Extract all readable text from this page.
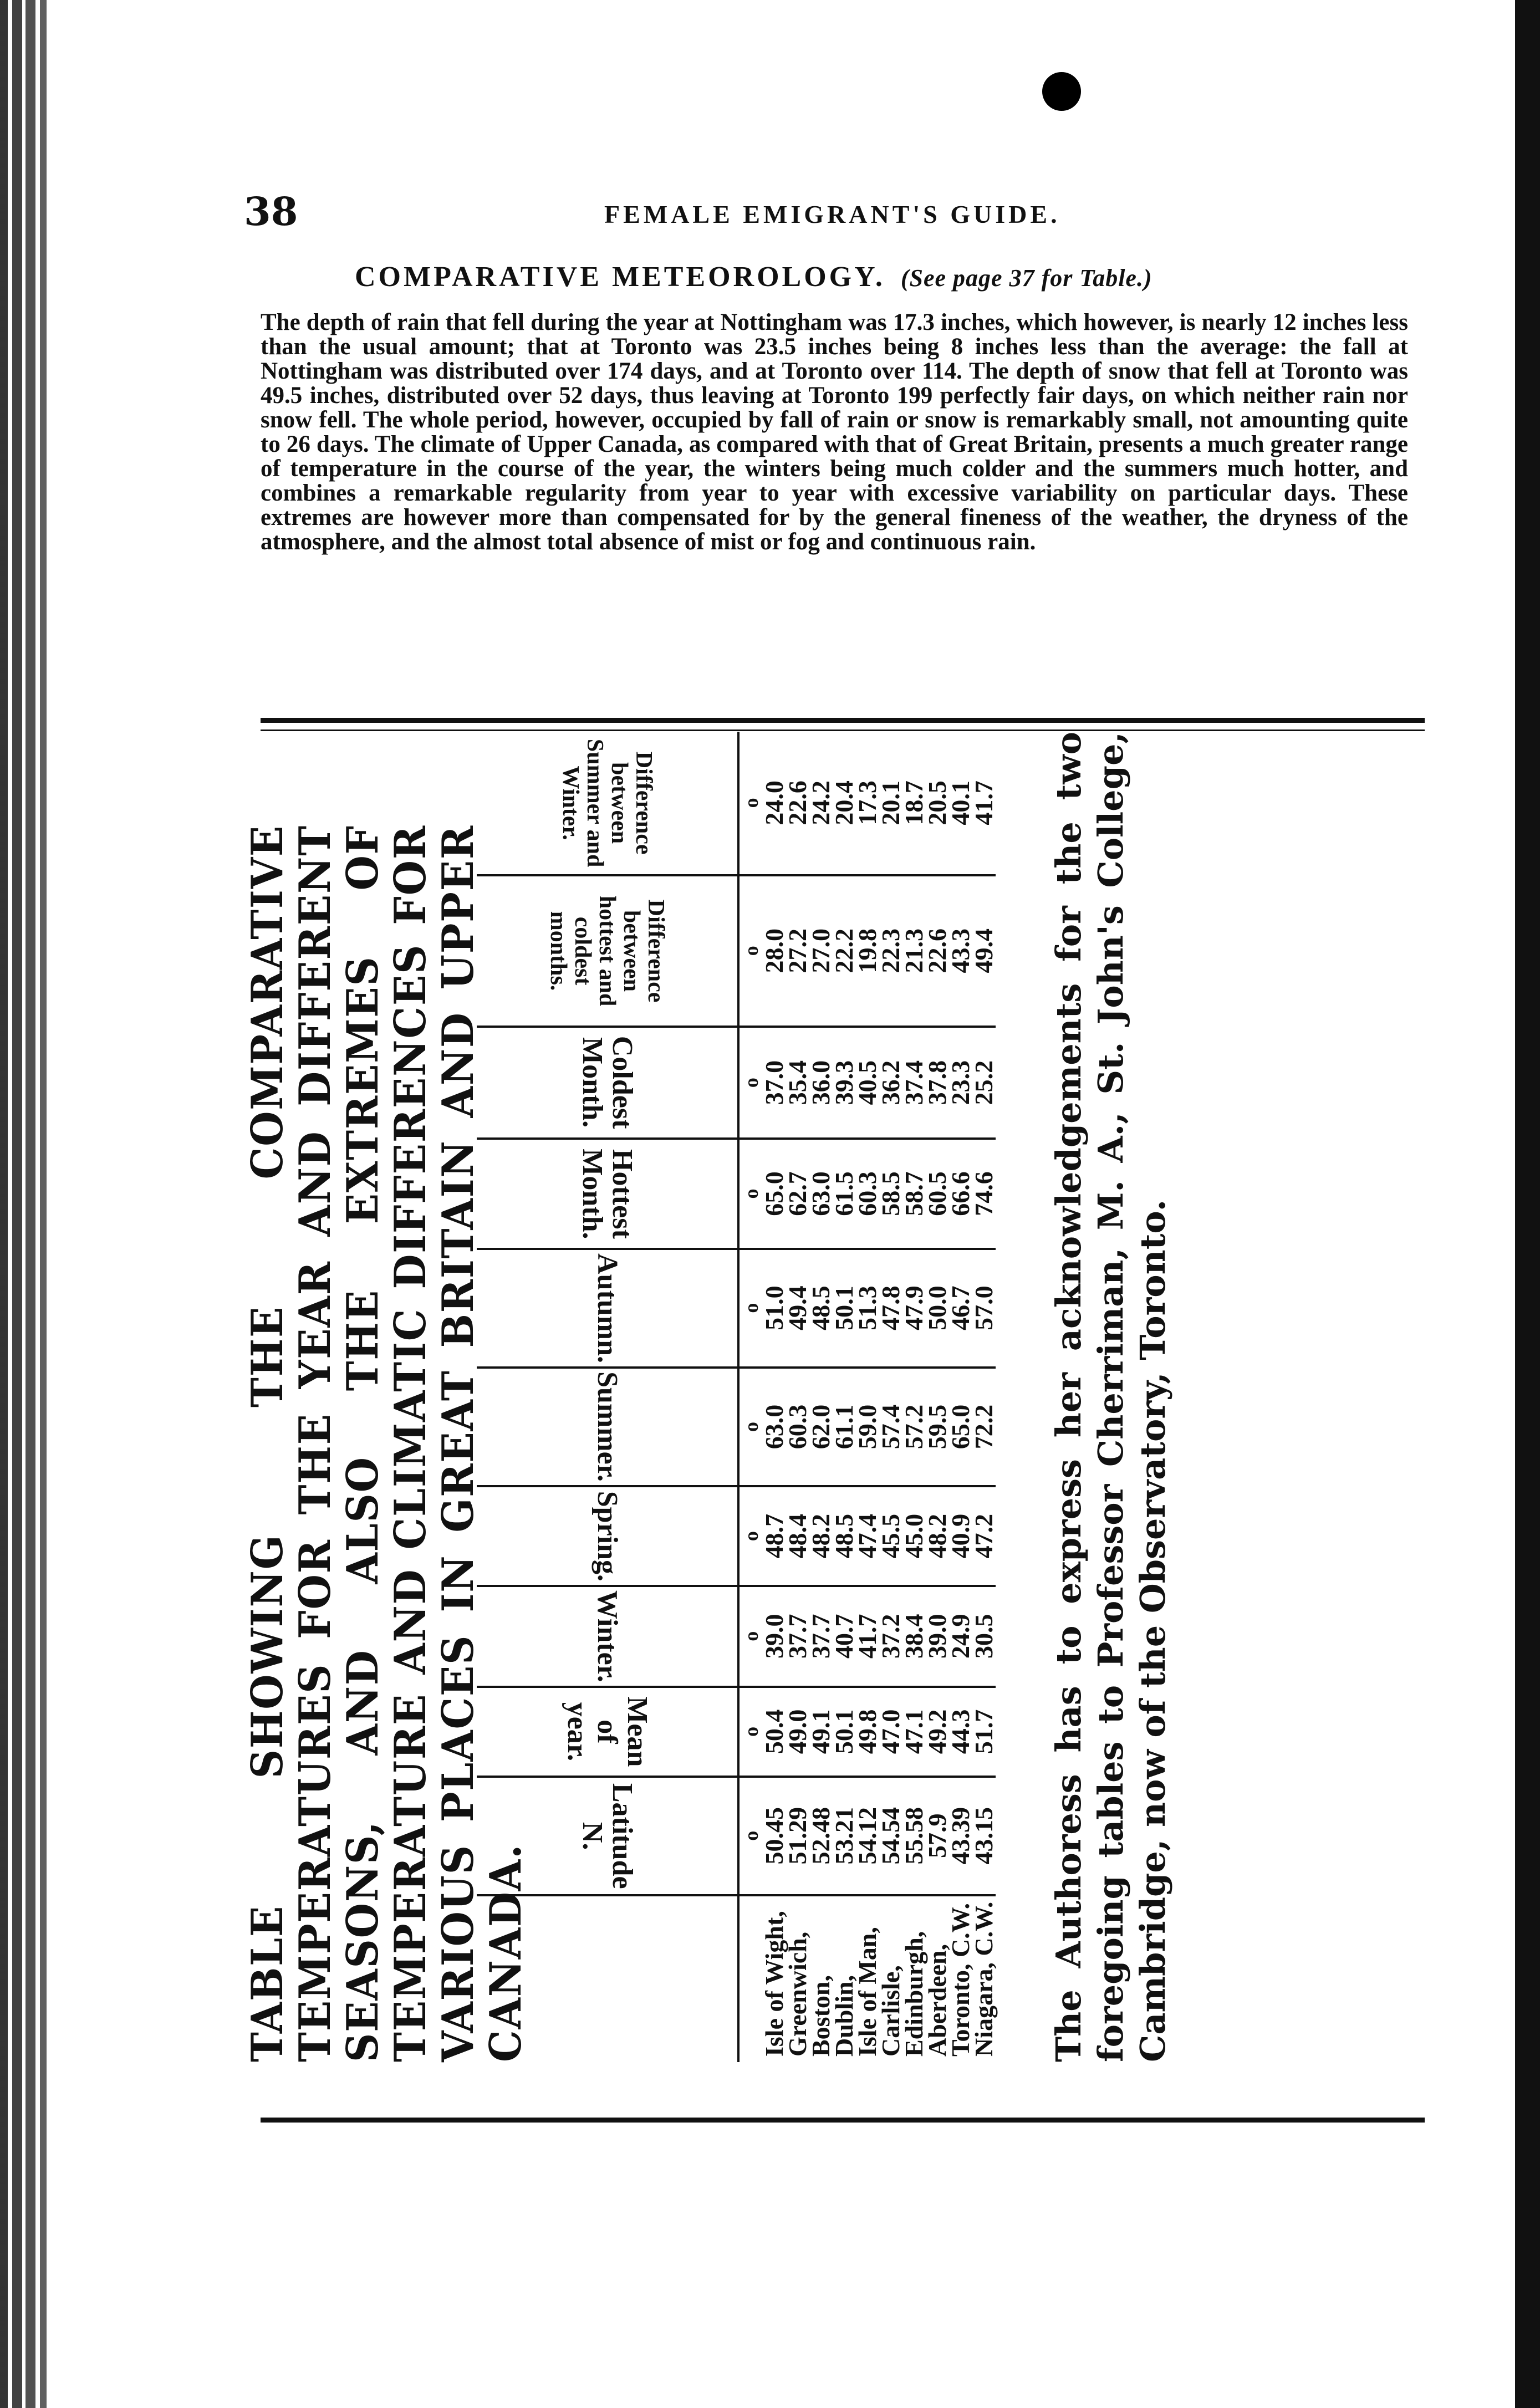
38	FEMALE EMIGRANT'S GUIDE.
COMPARATIVE METEOROLOGY. (See page 37 for Table.)
The depth of rain that fell during the year at Nottingham was 17.3 inches, which however, is nearly 12 inches less than the usual amount; that at Toronto was 23.5 inches being 8 inches less than the average: the fall at Nottingham was distributed over 174 days, and at Toronto over 114. The depth of snow that fell at Toronto was 49.5 inches, distributed over 52 days, thus leaving at Toronto 199 perfectly fair days, on which neither rain nor snow fell. The whole period, however, occupied by fall of rain or snow is remarkably small, not amounting quite to 26 days. The climate of Upper Canada, as compared with that of Great Britain, presents a much greater range of temperature in the course of the year, the winters being much colder and the summers much hotter, and combines a remarkable regularity from year to year with excessive variability on particular days. These extremes are however more than compensated for by the general fineness of the weather, the dryness of the atmosphere, and the almost total absence of mist or fog and continuous rain.
TABLE SHOWING THE COMPARATIVE TEMPERATURES FOR THE YEAR AND DIFFERENT SEASONS, AND ALSO THE EXTREMES OF TEMPERATURE AND CLIMATIC DIFFERENCES FOR VARIOUS PLACES IN GREAT BRITAIN AND UPPER CANADA.

	Latitude N.	Mean of year.	Winter.	Spring.	Summer.	Autumn.	Hottest Month.	Coldest Month.	Difference between hottest and coldest months.	Difference between Summer and Winter.

	o	o	o	o	o	o	o	o	o	o
Isle of Wight,	50.45	50.4	39.0	48.7	63.0	51.0	65.0	37.0	28.0	24.0
Greenwich,	51.29	49.0	37.7	48.4	60.3	49.4	62.7	35.4	27.2	22.6
Boston,	52.48	49.1	37.7	48.2	62.0	48.5	63.0	36.0	27.0	24.2
Dublin,	53.21	50.1	40.7	48.5	61.1	50.1	61.5	39.3	22.2	20.4
Isle of Man,	54.12	49.8	41.7	47.4	59.0	51.3	60.3	40.5	19.8	17.3
Carlisle,	54.54	47.0	37.2	45.5	57.4	47.8	58.5	36.2	22.3	20.1
Edinburgh,	55.58	47.1	38.4	45.0	57.2	47.9	58.7	37.4	21.3	18.7
Aberdeen,	57.9	49.2	39.0	48.2	59.5	50.0	60.5	37.8	22.6	20.5
Toronto, C.W.	43.39	44.3	24.9	40.9	65.0	46.7	66.6	23.3	43.3	40.1
Niagara, C.W.	43.15	51.7	30.5	47.2	72.2	57.0	74.6	25.2	49.4	41.7 The Authoress has to express her acknowledgements for the two foregoing tables to Professor Cherriman, M. A., St. John's College, Cambridge, now of the Observatory, Toronto.
